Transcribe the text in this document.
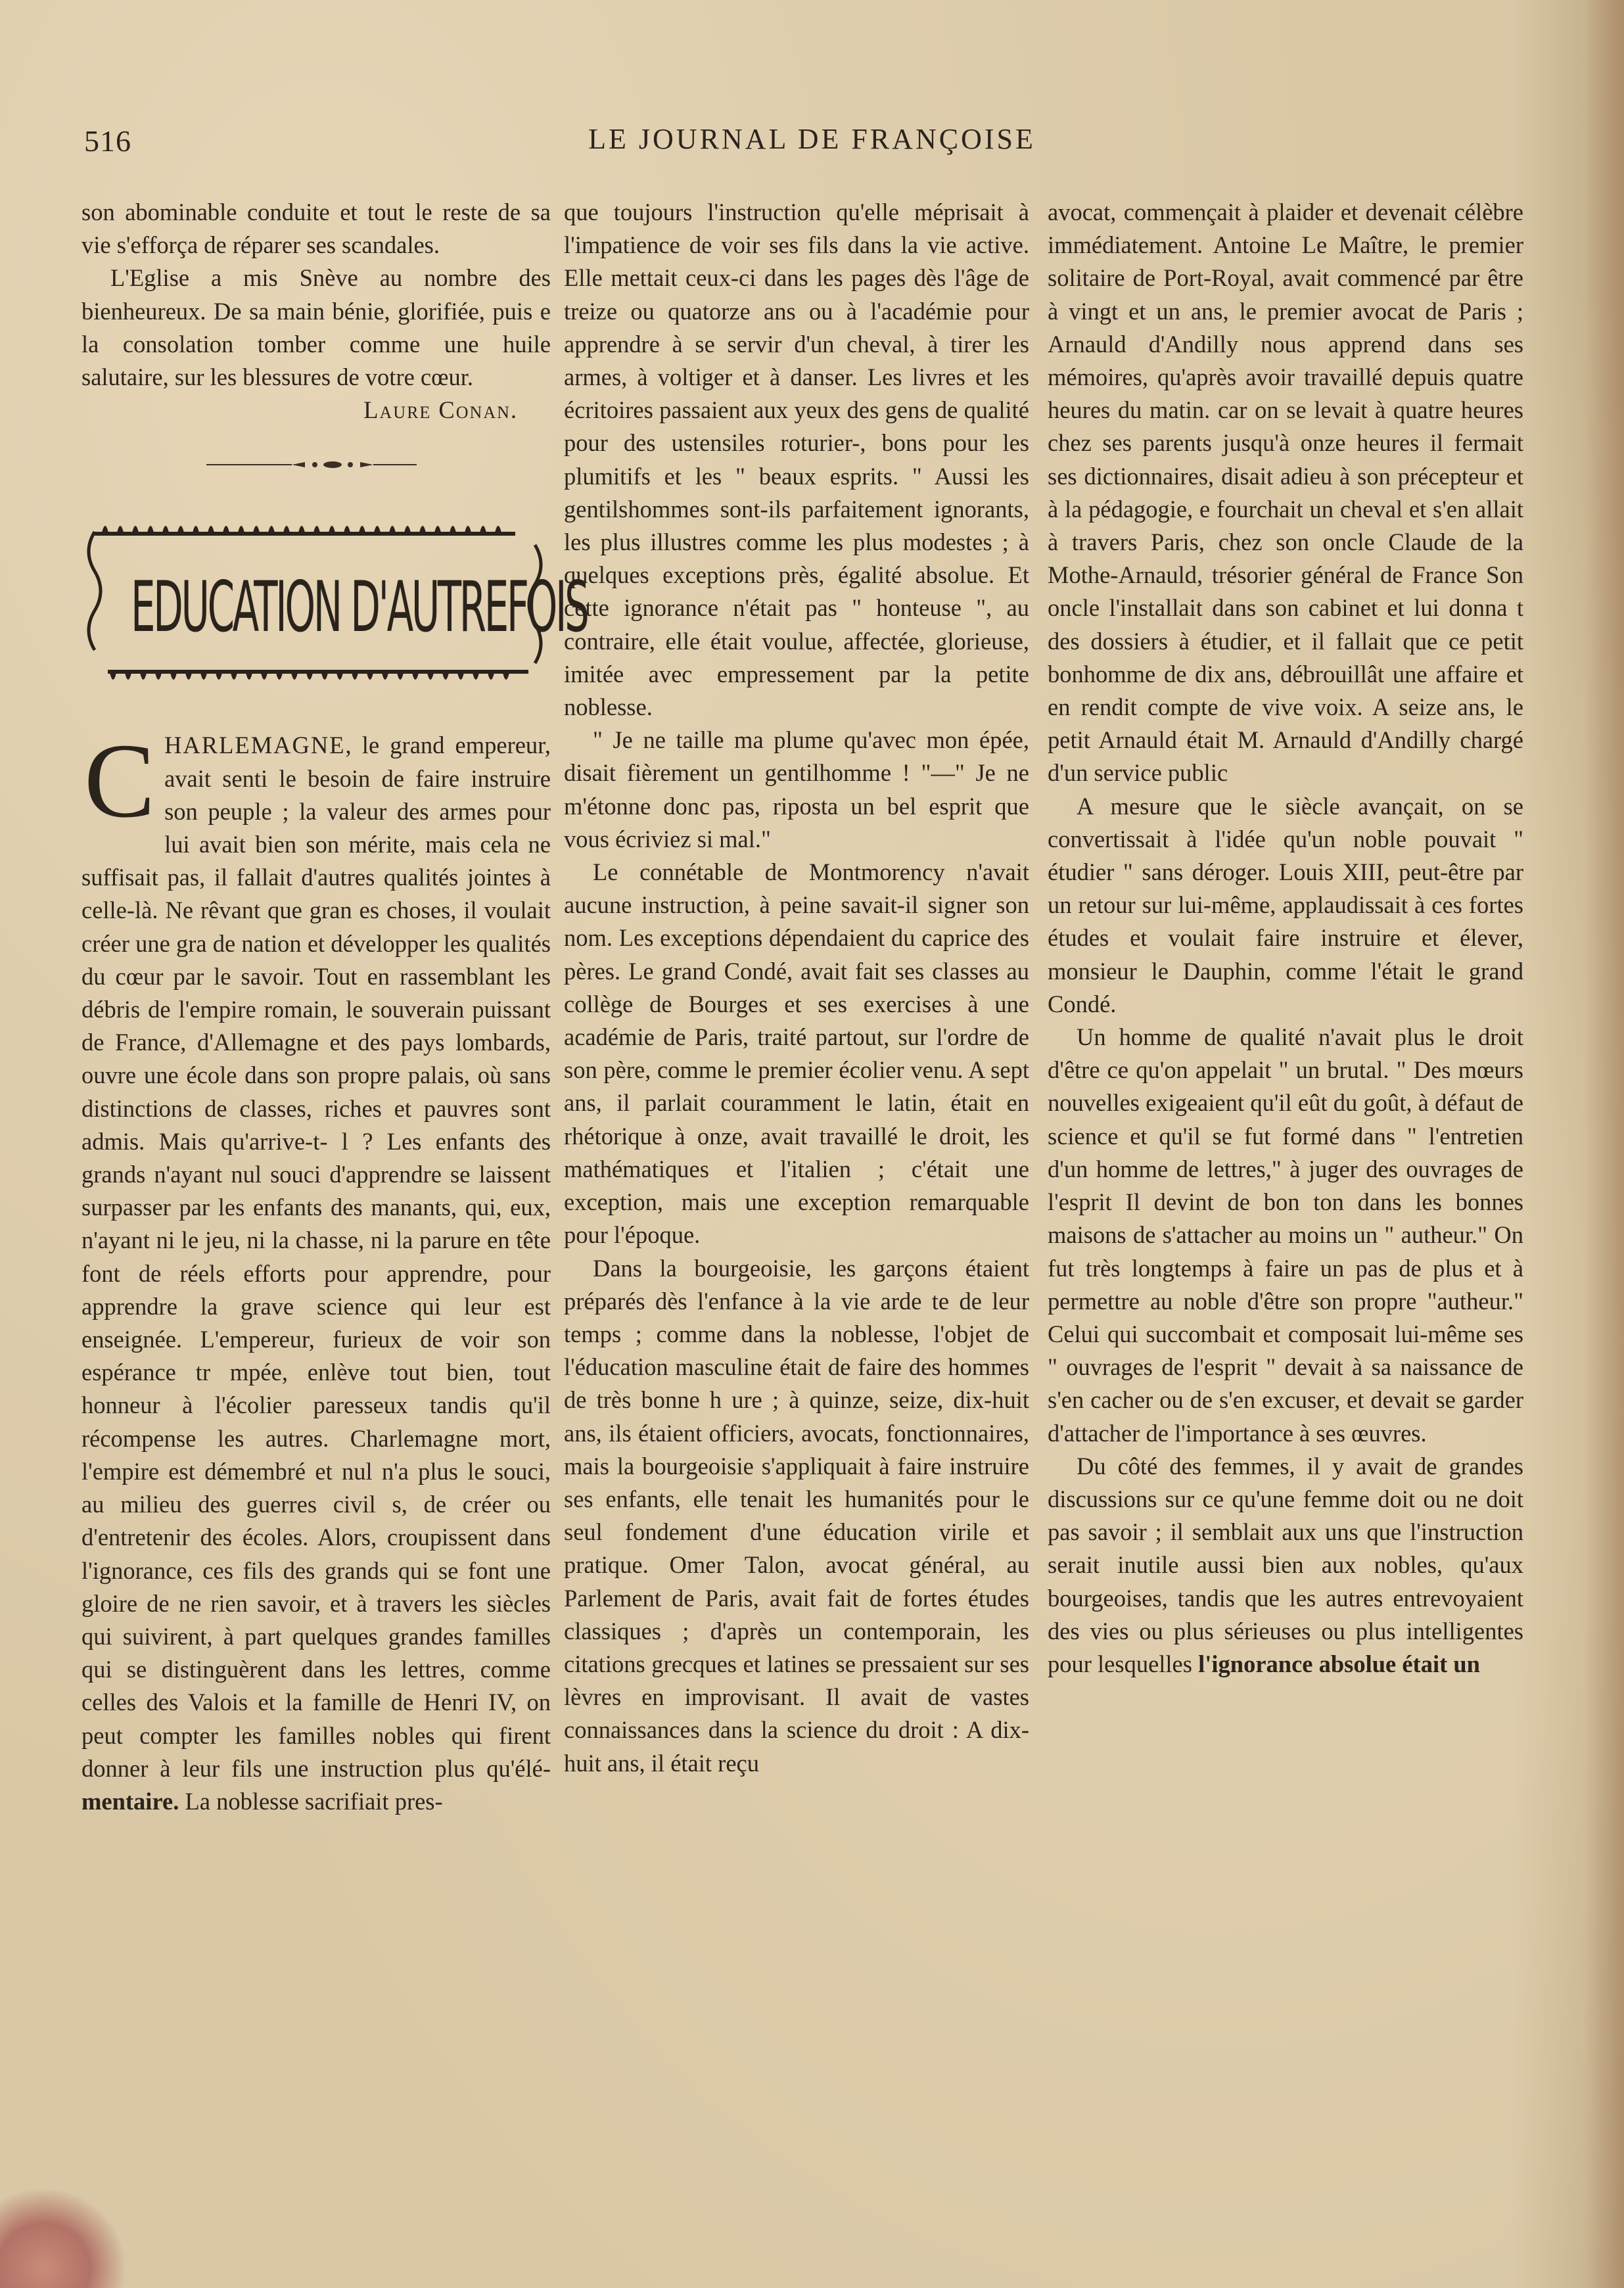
516	LE JOURNAL DE FRANÇOISE

son abominable conduite et tout le reste de sa vie s'efforça de réparer ses scandales.

L'Eglise a mis Snève au nombre des bienheureux. De sa main bénie, glorifiée, puis e la consolation tomber comme une huile salutaire, sur les blessures de votre cœur.

Laure Conan.

EDUCATION D'AUTREFOIS

CHARLEMAGNE, le grand empereur, avait senti le besoin de faire instruire son peuple ; la valeur des armes pour lui avait bien son mérite, mais cela ne suffisait pas, il fallait d'autres qualités jointes à celle-là. Ne rêvant que gran es choses, il voulait créer une gra de nation et développer les qualités du cœur par le savoir. Tout en rassemblant les débris de l'empire romain, le souverain puissant de France, d'Allemagne et des pays lombards, ouvre une école dans son propre palais, où sans distinctions de classes, riches et pauvres sont admis. Mais qu'arrive-t- l ? Les enfants des grands n'ayant nul souci d'apprendre se laissent surpasser par les enfants des manants, qui, eux, n'ayant ni le jeu, ni la chasse, ni la parure en tête font de réels efforts pour apprendre, pour apprendre la grave science qui leur est enseignée. L'empereur, furieux de voir son espérance tr mpée, enlève tout bien, tout honneur à l'écolier paresseux tandis qu'il récompense les autres. Charlemagne mort, l'empire est démembré et nul n'a plus le souci, au milieu des guerres civil s, de créer ou d'entretenir des écoles. Alors, croupissent dans l'ignorance, ces fils des grands qui se font une gloire de ne rien savoir, et à travers les siècles qui suivirent, à part quelques grandes familles qui se distinguèrent dans les lettres, comme celles des Valois et la famille de Henri IV, on peut compter les familles nobles qui firent donner à leur fils une instruction plus qu'élé-mentaire. La noblesse sacrifiait pres-

que toujours l'instruction qu'elle méprisait à l'impatience de voir ses fils dans la vie active. Elle mettait ceux-ci dans les pages dès l'âge de treize ou quatorze ans ou à l'académie pour apprendre à se servir d'un cheval, à tirer les armes, à voltiger et à danser. Les livres et les écritoires passaient aux yeux des gens de qualité pour des ustensiles roturier-, bons pour les plumitifs et les " beaux esprits. " Aussi les gentilshommes sont-ils parfaitement ignorants, les plus illustres comme les plus modestes ; à quelques exceptions près, égalité absolue. Et cette ignorance n'était pas " honteuse ", au contraire, elle était voulue, affectée, glorieuse, imitée avec empressement par la petite noblesse.

" Je ne taille ma plume qu'avec mon épée, disait fièrement un gentilhomme ! "—" Je ne m'étonne donc pas, riposta un bel esprit que vous écriviez si mal."

Le connétable de Montmorency n'avait aucune instruction, à peine savait-il signer son nom. Les exceptions dépendaient du caprice des pères. Le grand Condé, avait fait ses classes au collège de Bourges et ses exercises à une académie de Paris, traité partout, sur l'ordre de son père, comme le premier écolier venu. A sept ans, il parlait couramment le latin, était en rhétorique à onze, avait travaillé le droit, les mathématiques et l'italien ; c'était une exception, mais une exception remarquable pour l'époque.

Dans la bourgeoisie, les garçons étaient préparés dès l'enfance à la vie arde te de leur temps ; comme dans la noblesse, l'objet de l'éducation masculine était de faire des hommes de très bonne h ure ; à quinze, seize, dix-huit ans, ils étaient officiers, avocats, fonctionnaires, mais la bourgeoisie s'appliquait à faire instruire ses enfants, elle tenait les humanités pour le seul fondement d'une éducation virile et pratique. Omer Talon, avocat général, au Parlement de Paris, avait fait de fortes études classiques ; d'après un contemporain, les citations grecques et latines se pressaient sur ses lèvres en improvisant. Il avait de vastes connaissances dans la science du droit : A dix-huit ans, il était reçu

avocat, commençait à plaider et devenait célèbre immédiatement. Antoine Le Maître, le premier solitaire de Port-Royal, avait commencé par être à vingt et un ans, le premier avocat de Paris ; Arnauld d'Andilly nous apprend dans ses mémoires, qu'après avoir travaillé depuis quatre heures du matin. car on se levait à quatre heures chez ses parents jusqu'à onze heures il fermait ses dictionnaires, disait adieu à son précepteur et à la pédagogie, e fourchait un cheval et s'en allait à travers Paris, chez son oncle Claude de la Mothe-Arnauld, trésorier général de France Son oncle l'installait dans son cabinet et lui donna t des dossiers à étudier, et il fallait que ce petit bonhomme de dix ans, débrouillât une affaire et en rendit compte de vive voix. A seize ans, le petit Arnauld était M. Arnauld d'Andilly chargé d'un service public

A mesure que le siècle avançait, on se convertissait à l'idée qu'un noble pouvait " étudier " sans déroger. Louis XIII, peut-être par un retour sur lui-même, applaudissait à ces fortes études et voulait faire instruire et élever, monsieur le Dauphin, comme l'était le grand Condé.

Un homme de qualité n'avait plus le droit d'être ce qu'on appelait " un brutal. " Des mœurs nouvelles exigeaient qu'il eût du goût, à défaut de science et qu'il se fut formé dans " l'entretien d'un homme de lettres," à juger des ouvrages de l'esprit Il devint de bon ton dans les bonnes maisons de s'attacher au moins un " autheur." On fut très longtemps à faire un pas de plus et à permettre au noble d'être son propre "autheur." Celui qui succombait et composait lui-même ses " ouvrages de l'esprit " devait à sa naissance de s'en cacher ou de s'en excuser, et devait se garder d'attacher de l'importance à ses œuvres.

Du côté des femmes, il y avait de grandes discussions sur ce qu'une femme doit ou ne doit pas savoir ; il semblait aux uns que l'instruction serait inutile aussi bien aux nobles, qu'aux bourgeoises, tandis que les autres entrevoyaient des vies ou plus sérieuses ou plus intelligentes pour lesquelles l'ignorance absolue était un
